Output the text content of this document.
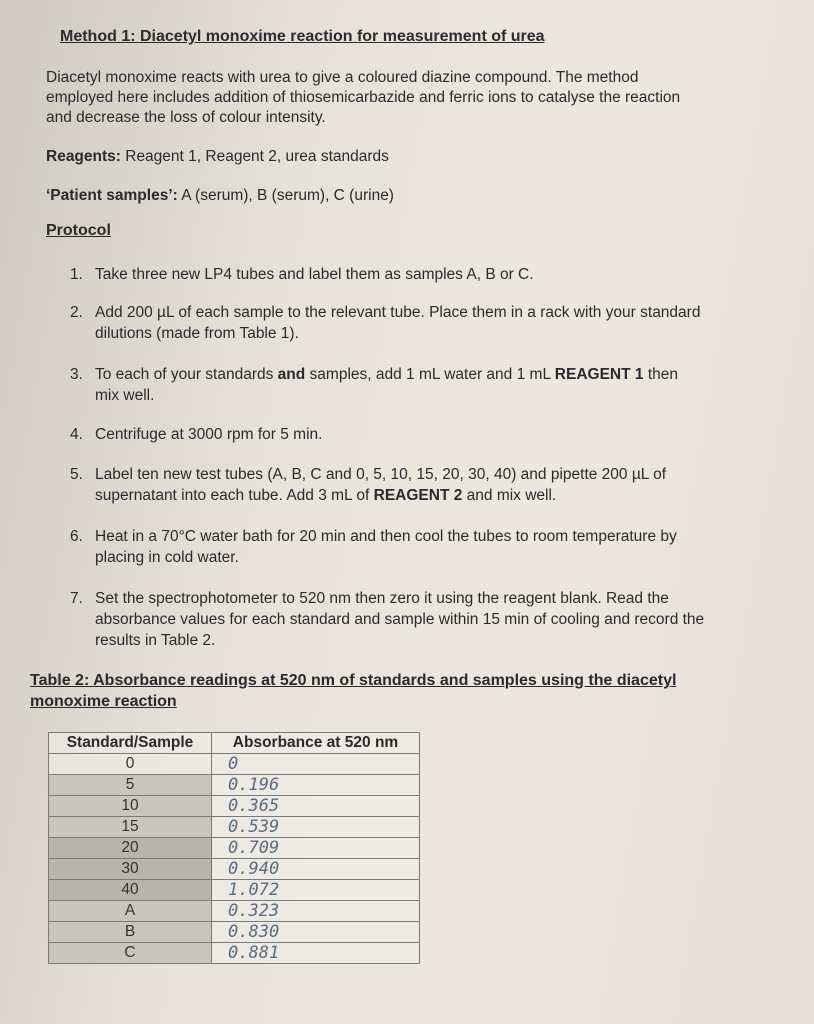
Method 1: Diacetyl monoxime reaction for measurement of urea
Diacetyl monoxime reacts with urea to give a coloured diazine compound. The method
employed here includes addition of thiosemicarbazide and ferric ions to catalyse the reaction
and decrease the loss of colour intensity.
Reagents: Reagent 1, Reagent 2, urea standards
‘Patient samples’: A (serum), B (serum), C (urine)
Protocol
1. Take three new LP4 tubes and label them as samples A, B or C.
2. Add 200 µL of each sample to the relevant tube. Place them in a rack with your standard
dilutions (made from Table 1).
3. To each of your standards and samples, add 1 mL water and 1 mL REAGENT 1 then
mix well.
4. Centrifuge at 3000 rpm for 5 min.
5. Label ten new test tubes (A, B, C and 0, 5, 10, 15, 20, 30, 40) and pipette 200 µL of
supernatant into each tube. Add 3 mL of REAGENT 2 and mix well.
6. Heat in a 70°C water bath for 20 min and then cool the tubes to room temperature by
placing in cold water.
7. Set the spectrophotometer to 520 nm then zero it using the reagent blank. Read the
absorbance values for each standard and sample within 15 min of cooling and record the
results in Table 2.
Table 2: Absorbance readings at 520 nm of standards and samples using the diacetyl
monoxime reaction
Standard/Sample	Absorbance at 520 nm
0	0
5	0.196
10	0.365
15	0.539
20	0.709
30	0.940
40	1.072
A	0.323
B	0.830
C	0.881
